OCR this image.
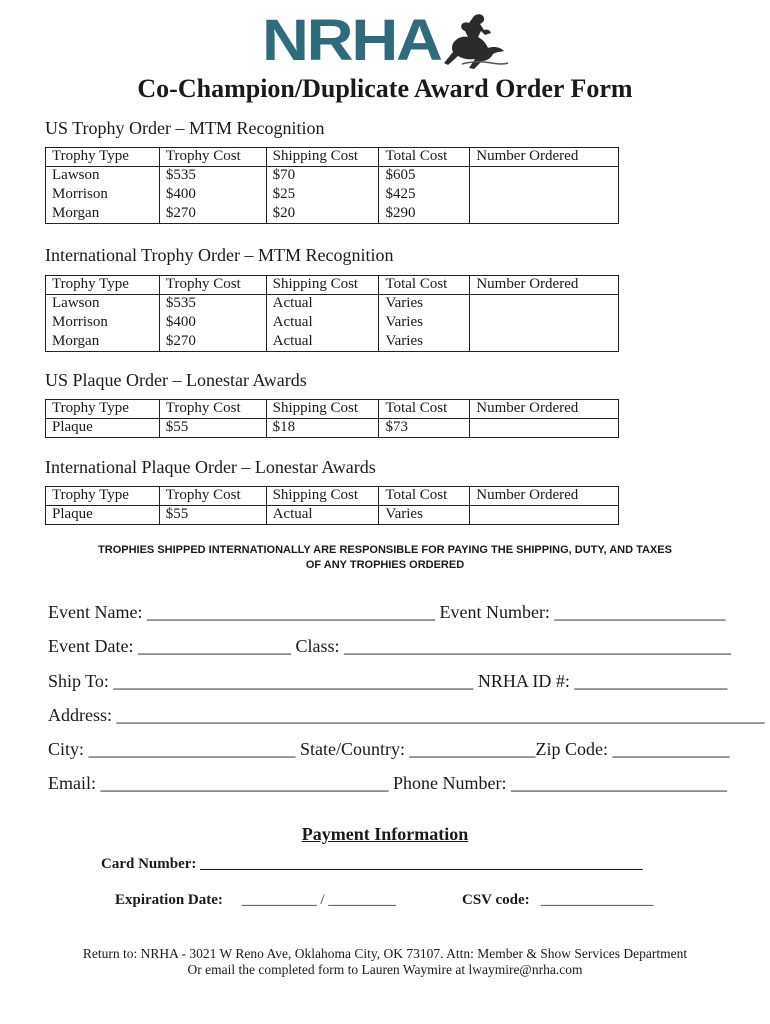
NRHA
Co-Champion/Duplicate Award Order Form
US Trophy Order – MTM Recognition
Trophy Type	Trophy Cost	Shipping Cost	Total Cost	Number Ordered
Lawson	$535	$70	$605	
Morrison	$400	$25	$425	
Morgan	$270	$20	$290	
International Trophy Order – MTM Recognition
Trophy Type	Trophy Cost	Shipping Cost	Total Cost	Number Ordered
Lawson	$535	Actual	Varies	
Morrison	$400	Actual	Varies	
Morgan	$270	Actual	Varies	
US Plaque Order – Lonestar Awards
Trophy Type	Trophy Cost	Shipping Cost	Total Cost	Number Ordered
Plaque	$55	$18	$73	
International Plaque Order – Lonestar Awards
Trophy Type	Trophy Cost	Shipping Cost	Total Cost	Number Ordered
Plaque	$55	Actual	Varies	
TROPHIES SHIPPED INTERNATIONALLY ARE RESPONSIBLE FOR PAYING THE SHIPPING, DUTY, AND TAXES
OF ANY TROPHIES ORDERED
Event Name: ________________________________ Event Number: ___________________
Event Date: _________________ Class: ___________________________________________
Ship To: ________________________________________ NRHA ID #: _________________
Address: ________________________________________________________________________
City: _______________________ State/Country: ______________Zip Code: _____________
Email: ________________________________ Phone Number: ________________________
Payment Information
Card Number: ___________________________________________________________
Expiration Date: __________ / _________	CSV code: _______________
Return to: NRHA - 3021 W Reno Ave, Oklahoma City, OK 73107. Attn: Member & Show Services Department
Or email the completed form to Lauren Waymire at lwaymire@nrha.com
